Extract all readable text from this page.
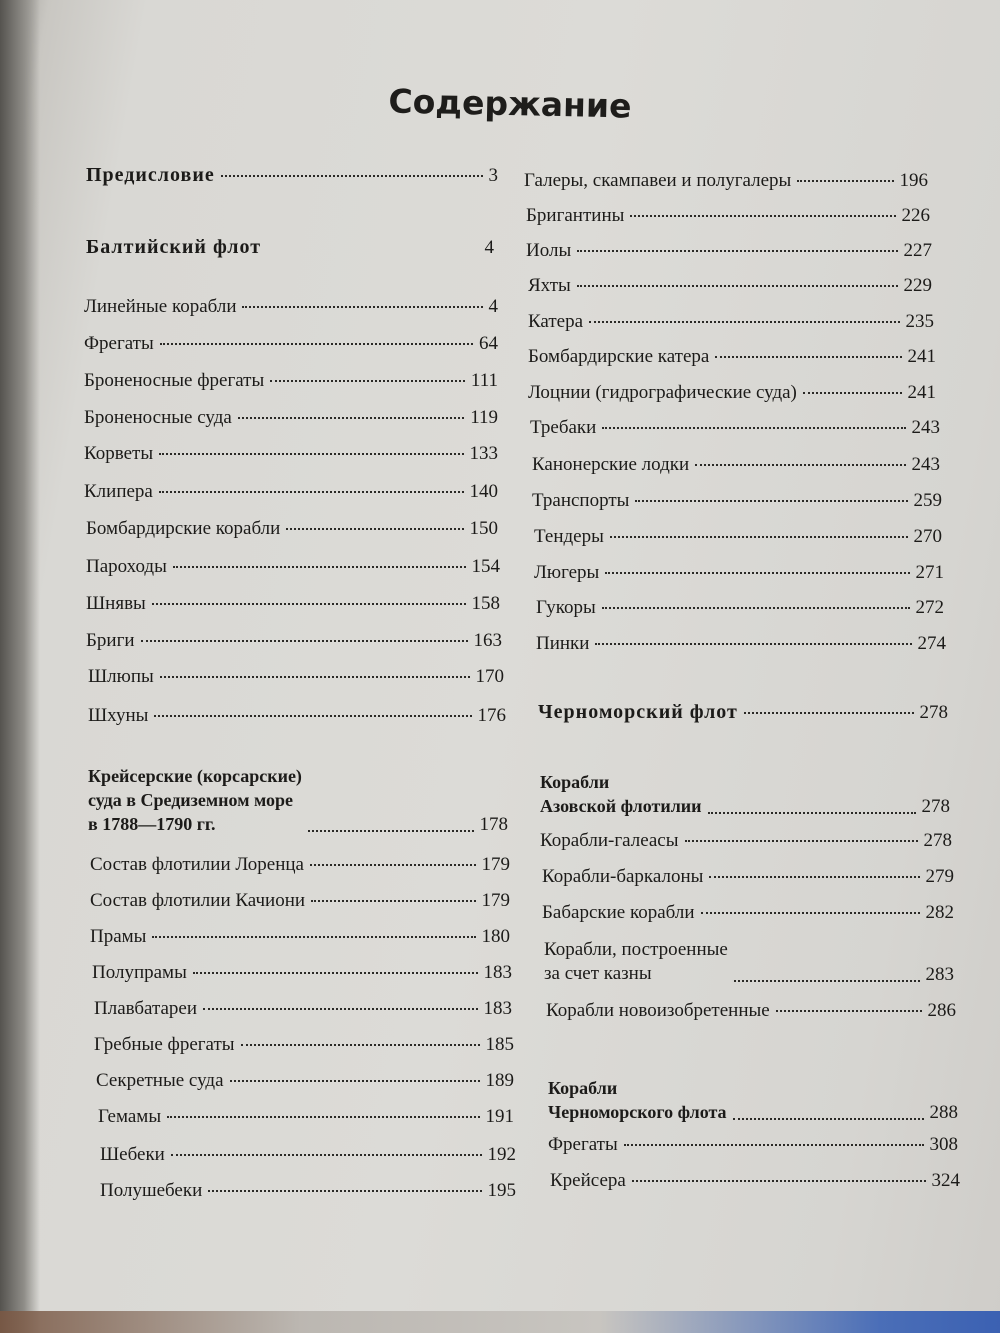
Содержание
Предисловие	3
Балтийский флот	4
Линейные корабли	4
Фрегаты	64
Броненосные фрегаты	111
Броненосные суда	119
Корветы	133
Клипера	140
Бомбардирские корабли	150
Пароходы	154
Шнявы	158
Бриги	163
Шлюпы	170
Шхуны	176
Крейсерские (корсарские)
суда в Средиземном море
в 1788—1790 гг.	178
Состав флотилии Лоренца	179
Состав флотилии Качиони	179
Прамы	180
Полупрамы	183
Плавбатареи	183
Гребные фрегаты	185
Секретные суда	189
Гемамы	191
Шебеки	192
Полушебеки	195
Галеры, скампавеи и полугалеры	196
Бригантины	226
Иолы	227
Яхты	229
Катера	235
Бомбардирские катера	241
Лоцнии (гидрографические суда)	241
Требаки	243
Канонерские лодки	243
Транспорты	259
Тендеры	270
Люгеры	271
Гукоры	272
Пинки	274
Черноморский флот	278
Корабли
Азовской флотилии	278
Корабли-галеасы	278
Корабли-баркалоны	279
Бабарские корабли	282
Корабли, построенные
за счет казны	283
Корабли новоизобретенные	286
Корабли
Черноморского флота	288
Фрегаты	308
Крейсера	324
